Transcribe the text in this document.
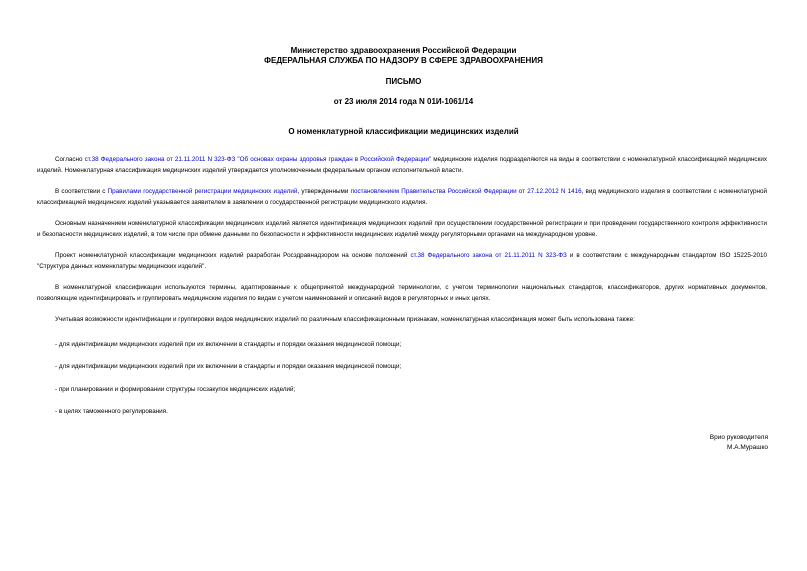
Министерство здравоохранения Российской Федерации
ФЕДЕРАЛЬНАЯ СЛУЖБА ПО НАДЗОРУ В СФЕРЕ ЗДРАВООХРАНЕНИЯ
ПИСЬМО
от 23 июля 2014 года N 01И-1061/14
О номенклатурной классификации медицинских изделий

Согласно ст.38 Федерального закона от 21.11.2011 N 323-ФЗ "Об основах охраны здоровья граждан в Российской Федерации" медицинские изделия подразделяются на виды в соответствии с номенклатурной классификацией медицинских изделий. Номенклатурная классификация медицинских изделий утверждается уполномоченным федеральным органом исполнительной власти.

В соответствии с Правилами государственной регистрации медицинских изделий, утвержденными постановлением Правительства Российской Федерации от 27.12.2012 N 1416, вид медицинского изделия в соответствии с номенклатурной классификацией медицинских изделий указывается заявителем в заявлении о государственной регистрации медицинского изделия.

Основным назначением номенклатурной классификации медицинских изделий является идентификация медицинских изделий при осуществлении государственной регистрации и при проведении государственного контроля эффективности и безопасности медицинских изделий, в том числе при обмене данными по безопасности и эффективности медицинских изделий между регуляторными органами на международном уровне.

Проект номенклатурной классификации медицинских изделий разработан Росздравнадзором на основе положений ст.38 Федерального закона от 21.11.2011 N 323-ФЗ и в соответствии с международным стандартом ISO 15225-2010 "Структура данных номенклатуры медицинских изделий".

В номенклатурной классификации используются термины, адаптированные к общепринятой международной терминологии, с учетом терминологии национальных стандартов, классификаторов, других нормативных документов, позволяющие идентифицировать и группировать медицинские изделия по видам с учетом наименований и описаний видов в регуляторных и иных целях.

Учитывая возможности идентификации и группировки видов медицинских изделий по различным классификационным признакам, номенклатурная классификация может быть использована также:

- для идентификации медицинских изделий при их включении в стандарты и порядки оказания медицинской помощи;

- для идентификации медицинских изделий при их включении в стандарты и порядки оказания медицинской помощи;

- при планировании и формировании структуры госзакупок медицинских изделий;

- в целях таможенного регулирования.

Врио руководителя
М.А.Мурашко
